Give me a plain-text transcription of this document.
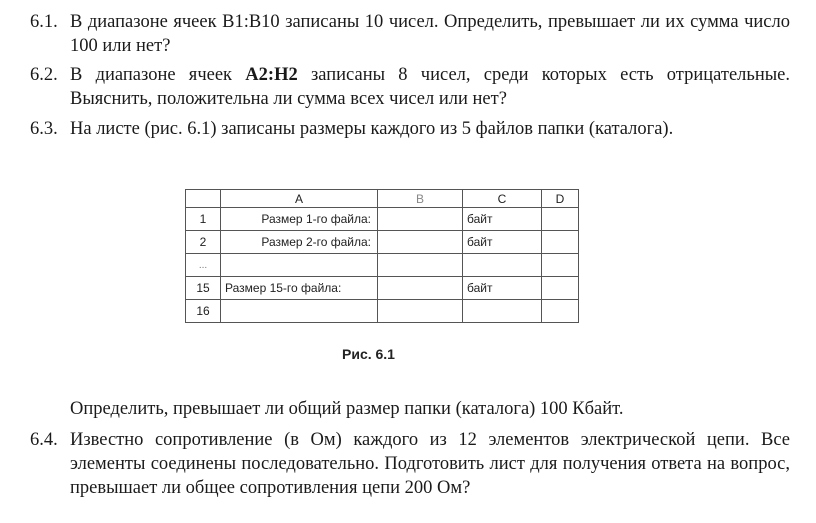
6.1. В диапазоне ячеек B1:B10 записаны 10 чисел. Определить, превышает ли их сумма число 100 или нет?
6.2. В диапазоне ячеек A2:H2 записаны 8 чисел, среди которых есть отрицательные. Выяснить, положительна ли сумма всех чисел или нет?
6.3. На листе (рис. 6.1) записаны размеры каждого из 5 файлов папки (каталога).
	A	B	C	D
1	Размер 1-го файла:		байт	
2	Размер 2-го файла:		байт	
...				
15	Размер 15-го файла:		байт	
16				
Рис. 6.1
Определить, превышает ли общий размер папки (каталога) 100 Кбайт.
6.4. Известно сопротивление (в Ом) каждого из 12 элементов электрической цепи. Все элементы соединены последовательно. Подготовить лист для получения ответа на вопрос, превышает ли общее сопротивления цепи 200 Ом?
